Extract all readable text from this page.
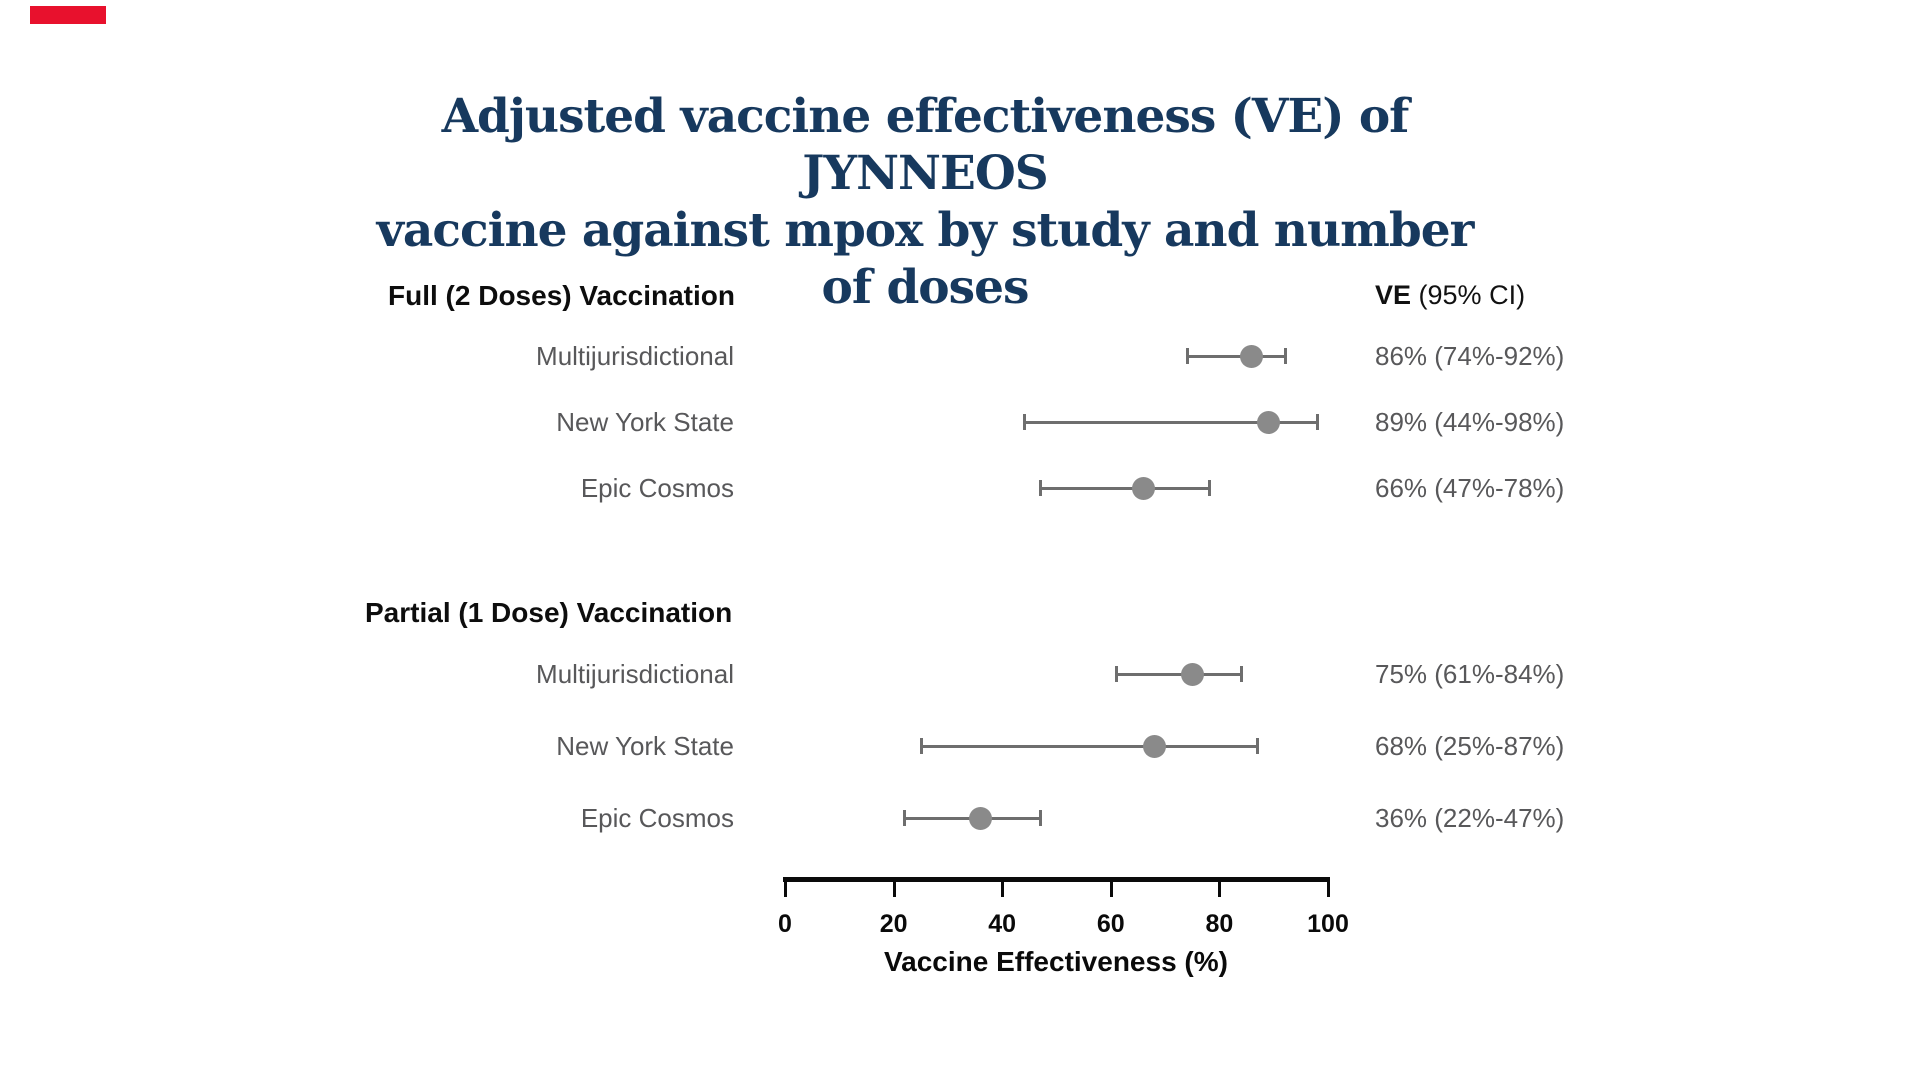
Adjusted vaccine effectiveness (VE) of JYNNEOS
vaccine against mpox by study and number of doses	VE (95% CI)
Full (2 Doses) Vaccination
Multijurisdictional	86% (74%-92%)
New York State	89% (44%-98%)
Epic Cosmos	66% (47%-78%)
Partial (1 Dose) Vaccination
Multijurisdictional	75% (61%-84%)
New York State	68% (25%-87%)
Epic Cosmos	36% (22%-47%)
0	20	40	60	80	100
Vaccine Effectiveness (%)
